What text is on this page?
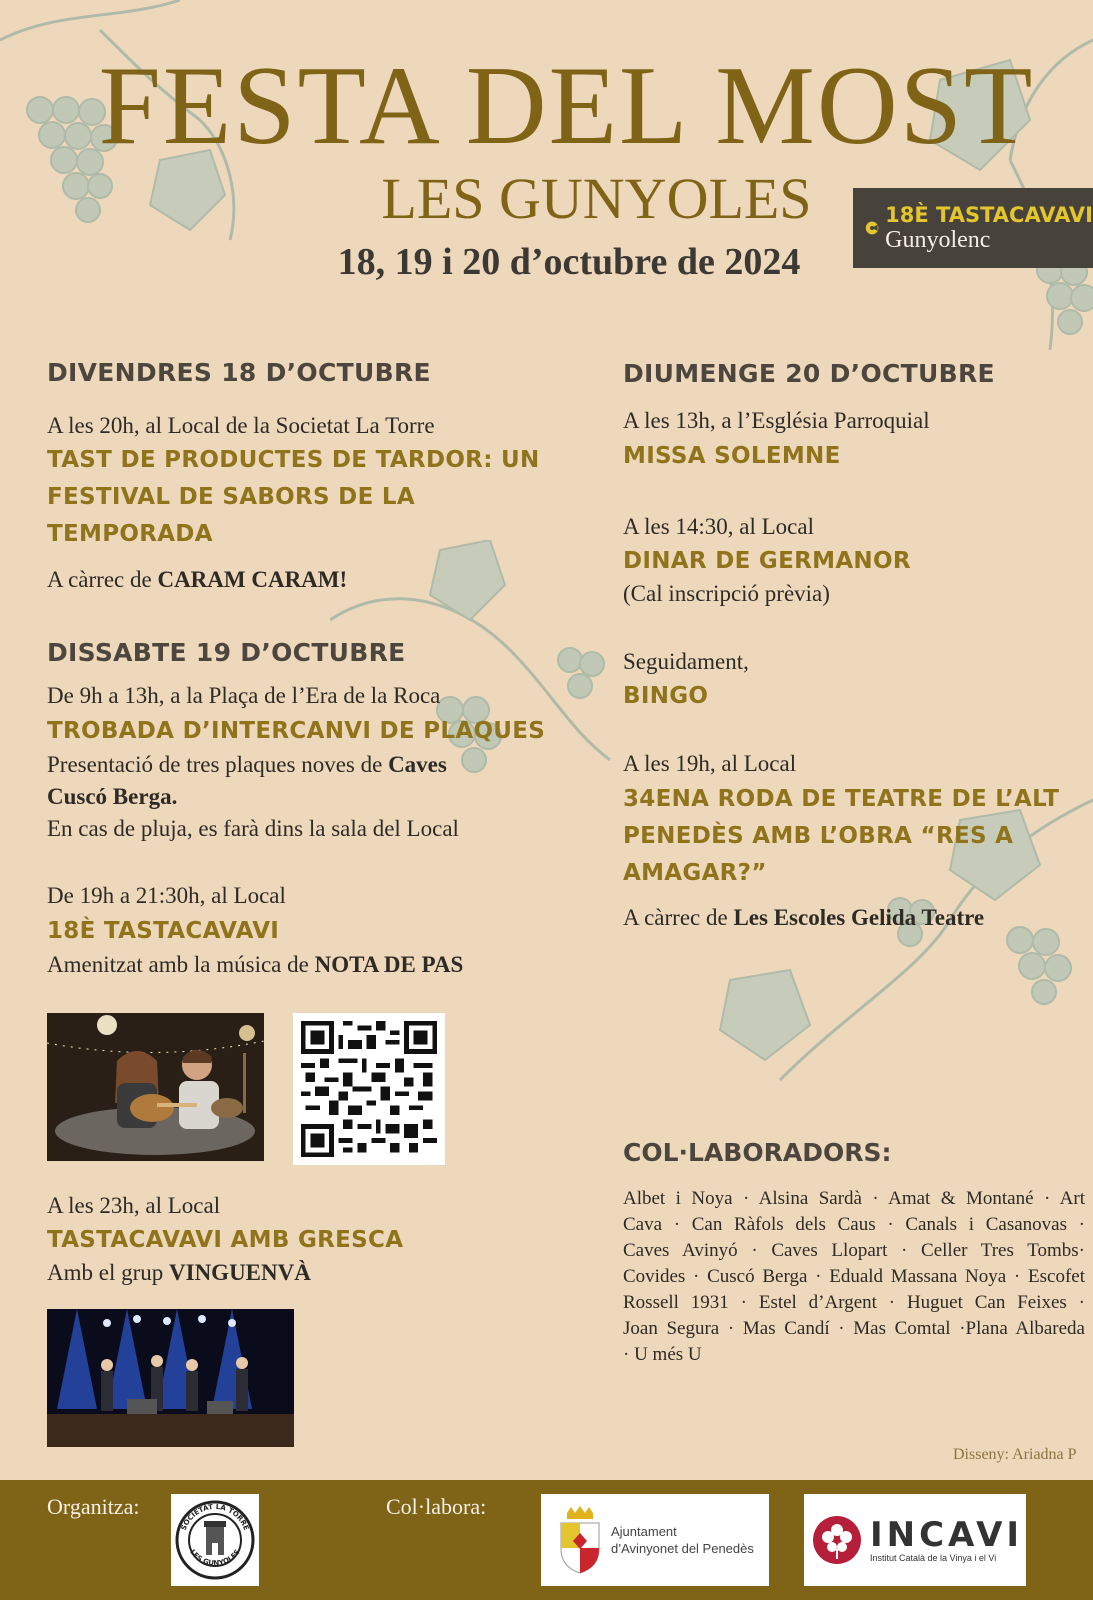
FESTA DEL MOST
LES GUNYOLES
18, 19 i 20 d’octubre de 2024
18È TASTACAVAVI
Gunyolenc
DIVENDRES 18 D’OCTUBRE
A les 20h, al Local de la Societat La Torre
TAST DE PRODUCTES DE TARDOR: UN
FESTIVAL DE SABORS DE LA
TEMPORADA
A càrrec de CARAM CARAM!
DISSABTE 19 D’OCTUBRE
De 9h a 13h, a la Plaça de l’Era de la Roca
TROBADA D’INTERCANVI DE PLAQUES
Presentació de tres plaques noves de Caves
Cuscó Berga.
En cas de pluja, es farà dins la sala del Local
De 19h a 21:30h, al Local
18È TASTACAVAVI
Amenitzat amb la música de NOTA DE PAS
A les 23h, al Local
TASTACAVAVI AMB GRESCA
Amb el grup VINGUENVÀ
DIUMENGE 20 D’OCTUBRE
A les 13h, a l’Església Parroquial
MISSA SOLEMNE
A les 14:30, al Local
DINAR DE GERMANOR
(Cal inscripció prèvia)
Seguidament,
BINGO
A les 19h, al Local
34ENA RODA DE TEATRE DE L’ALT
PENEDÈS AMB L’OBRA “RES A
AMAGAR?”
A càrrec de Les Escoles Gelida Teatre
COL·LABORADORS:
Albet i Noya · Alsina Sardà · Amat & Montané · Art
Cava · Can Ràfols dels Caus · Canals i Casanovas ·
Caves Avinyó · Caves Llopart · Celler Tres Tombs·
Covides · Cuscó Berga · Eduald Massana Noya · Escofet
Rossell 1931 · Estel d’Argent · Huguet Can Feixes ·
Joan Segura · Mas Candí · Mas Comtal ·Plana Albareda
· U més U
Disseny: Ariadna P
Organitza:
SOCIETAT LA TORRE
LES GUNYOLES
Col·labora:
Ajuntament
d’Avinyonet del Penedès	INCAVI
Institut Català de la Vinya i el Vi
